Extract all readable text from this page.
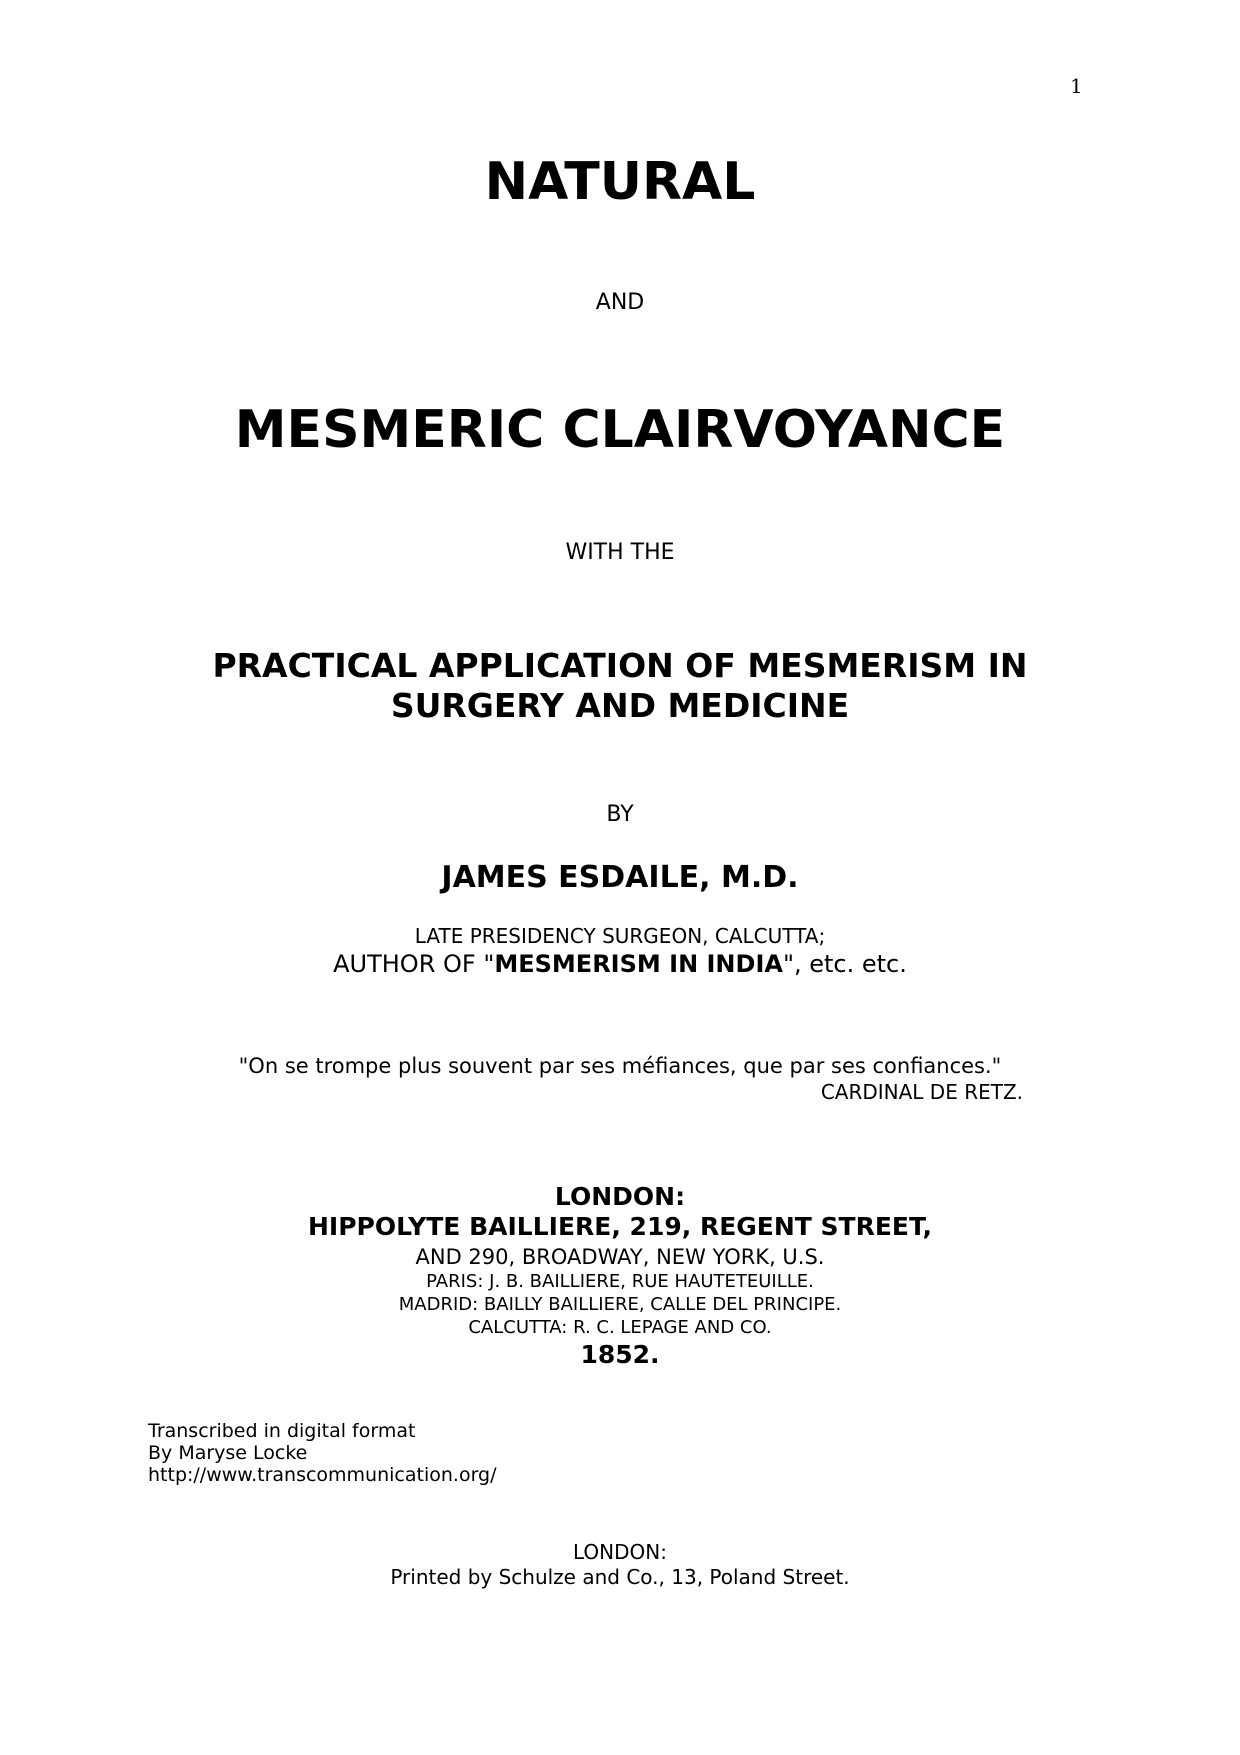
1
NATURAL
AND
MESMERIC CLAIRVOYANCE
WITH THE
PRACTICAL APPLICATION OF MESMERISM IN
SURGERY AND MEDICINE
BY
JAMES ESDAILE, M.D.
LATE PRESIDENCY SURGEON, CALCUTTA;
AUTHOR OF "MESMERISM IN INDIA", etc. etc.
"On se trompe plus souvent par ses méfiances, que par ses confiances."
CARDINAL DE RETZ.
LONDON:
HIPPOLYTE BAILLIERE, 219, REGENT STREET,
AND 290, BROADWAY, NEW YORK, U.S.
PARIS: J. B. BAILLIERE, RUE HAUTETEUILLE.
MADRID: BAILLY BAILLIERE, CALLE DEL PRINCIPE.
CALCUTTA: R. C. LEPAGE AND CO.
1852.
Transcribed in digital format
By Maryse Locke
http://www.transcommunication.org/
LONDON:
Printed by Schulze and Co., 13, Poland Street.
